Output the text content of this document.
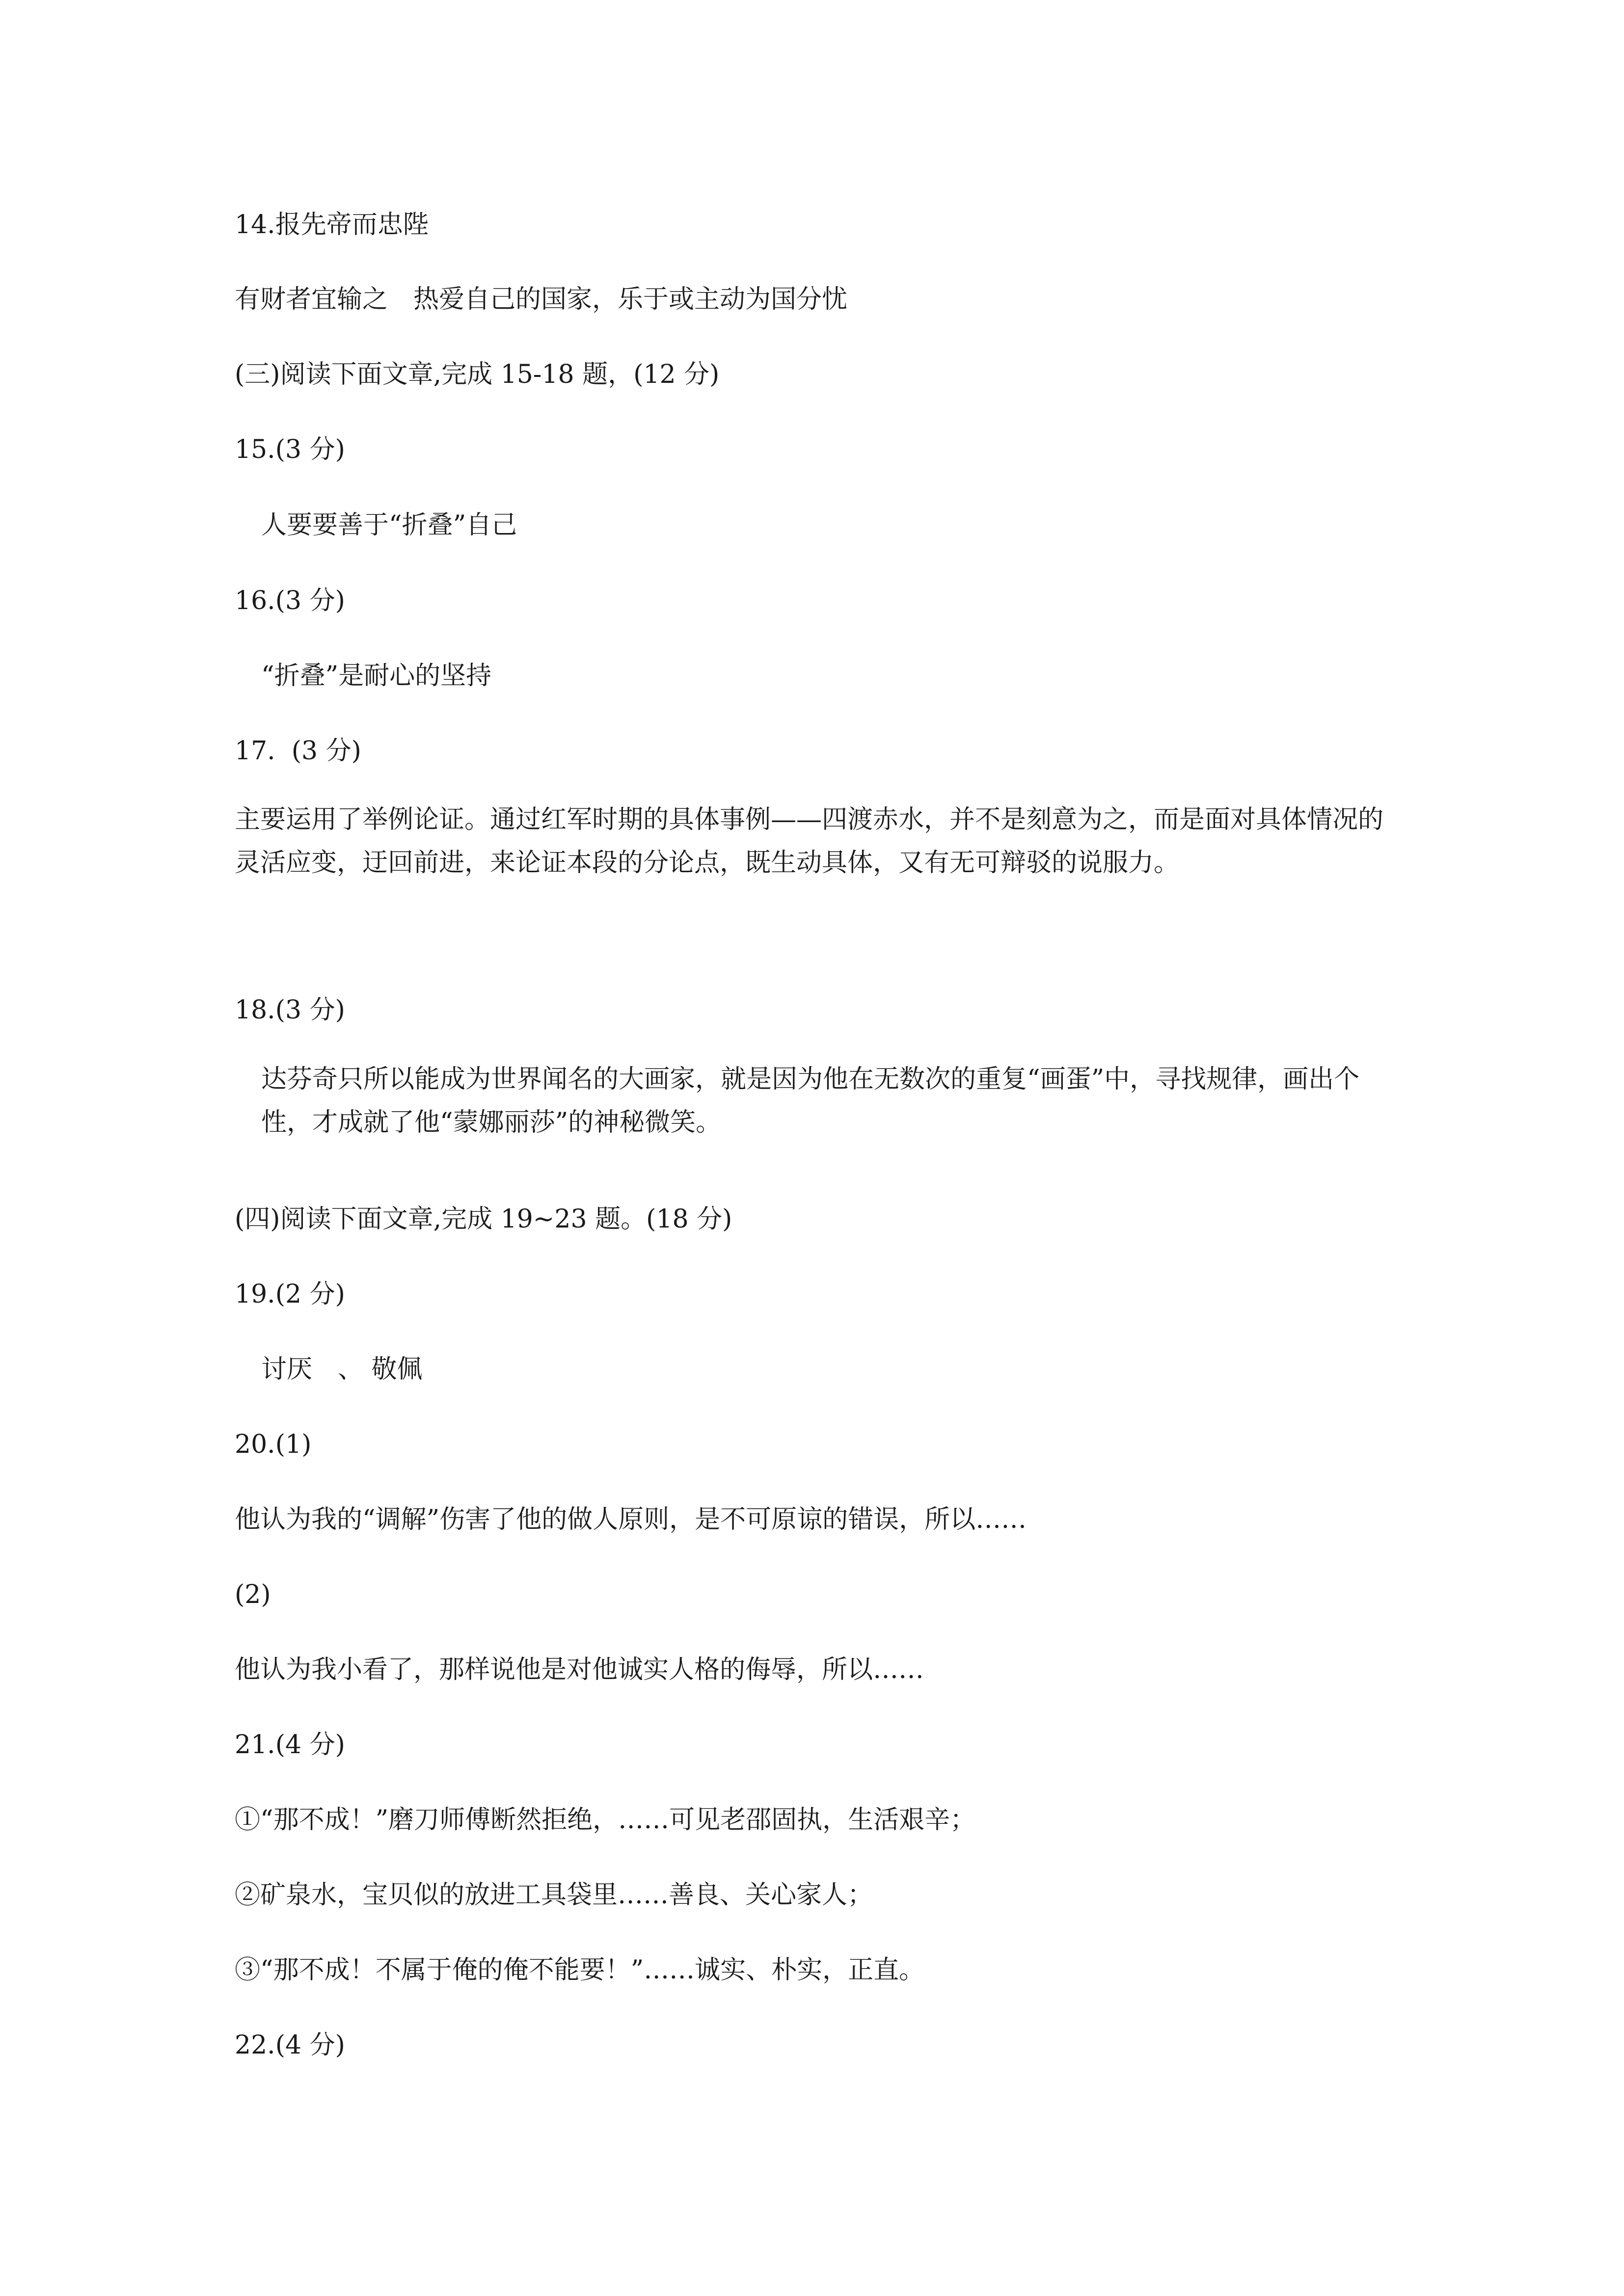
14.报先帝而忠陛
有财者宜输之　热爱自己的国家，乐于或主动为国分忧
(三)阅读下面文章,完成 15-18 题，(12 分)
15.(3 分)
人要要善于“折叠”自己
16.(3 分)
“折叠”是耐心的坚持
17.  (3 分)
主要运用了举例论证。通过红军时期的具体事例——四渡赤水，并不是刻意为之，而是面对具体情况的灵活应变，迂回前进，来论证本段的分论点，既生动具体，又有无可辩驳的说服力。
18.(3 分)
达芬奇只所以能成为世界闻名的大画家，就是因为他在无数次的重复“画蛋”中，寻找规律，画出个性，才成就了他“蒙娜丽莎”的神秘微笑。
(四)阅读下面文章,完成 19~23 题。(18 分)
19.(2 分)
讨厌　、 敬佩
20.(1)
他认为我的“调解”伤害了他的做人原则，是不可原谅的错误，所以……
(2)
他认为我小看了，那样说他是对他诚实人格的侮辱，所以……
21.(4 分)
①“那不成！”磨刀师傅断然拒绝，……可见老邵固执，生活艰辛；
②矿泉水，宝贝似的放进工具袋里……善良、关心家人；
③“那不成！不属于俺的俺不能要！”……诚实、朴实，正直。
22.(4 分)
